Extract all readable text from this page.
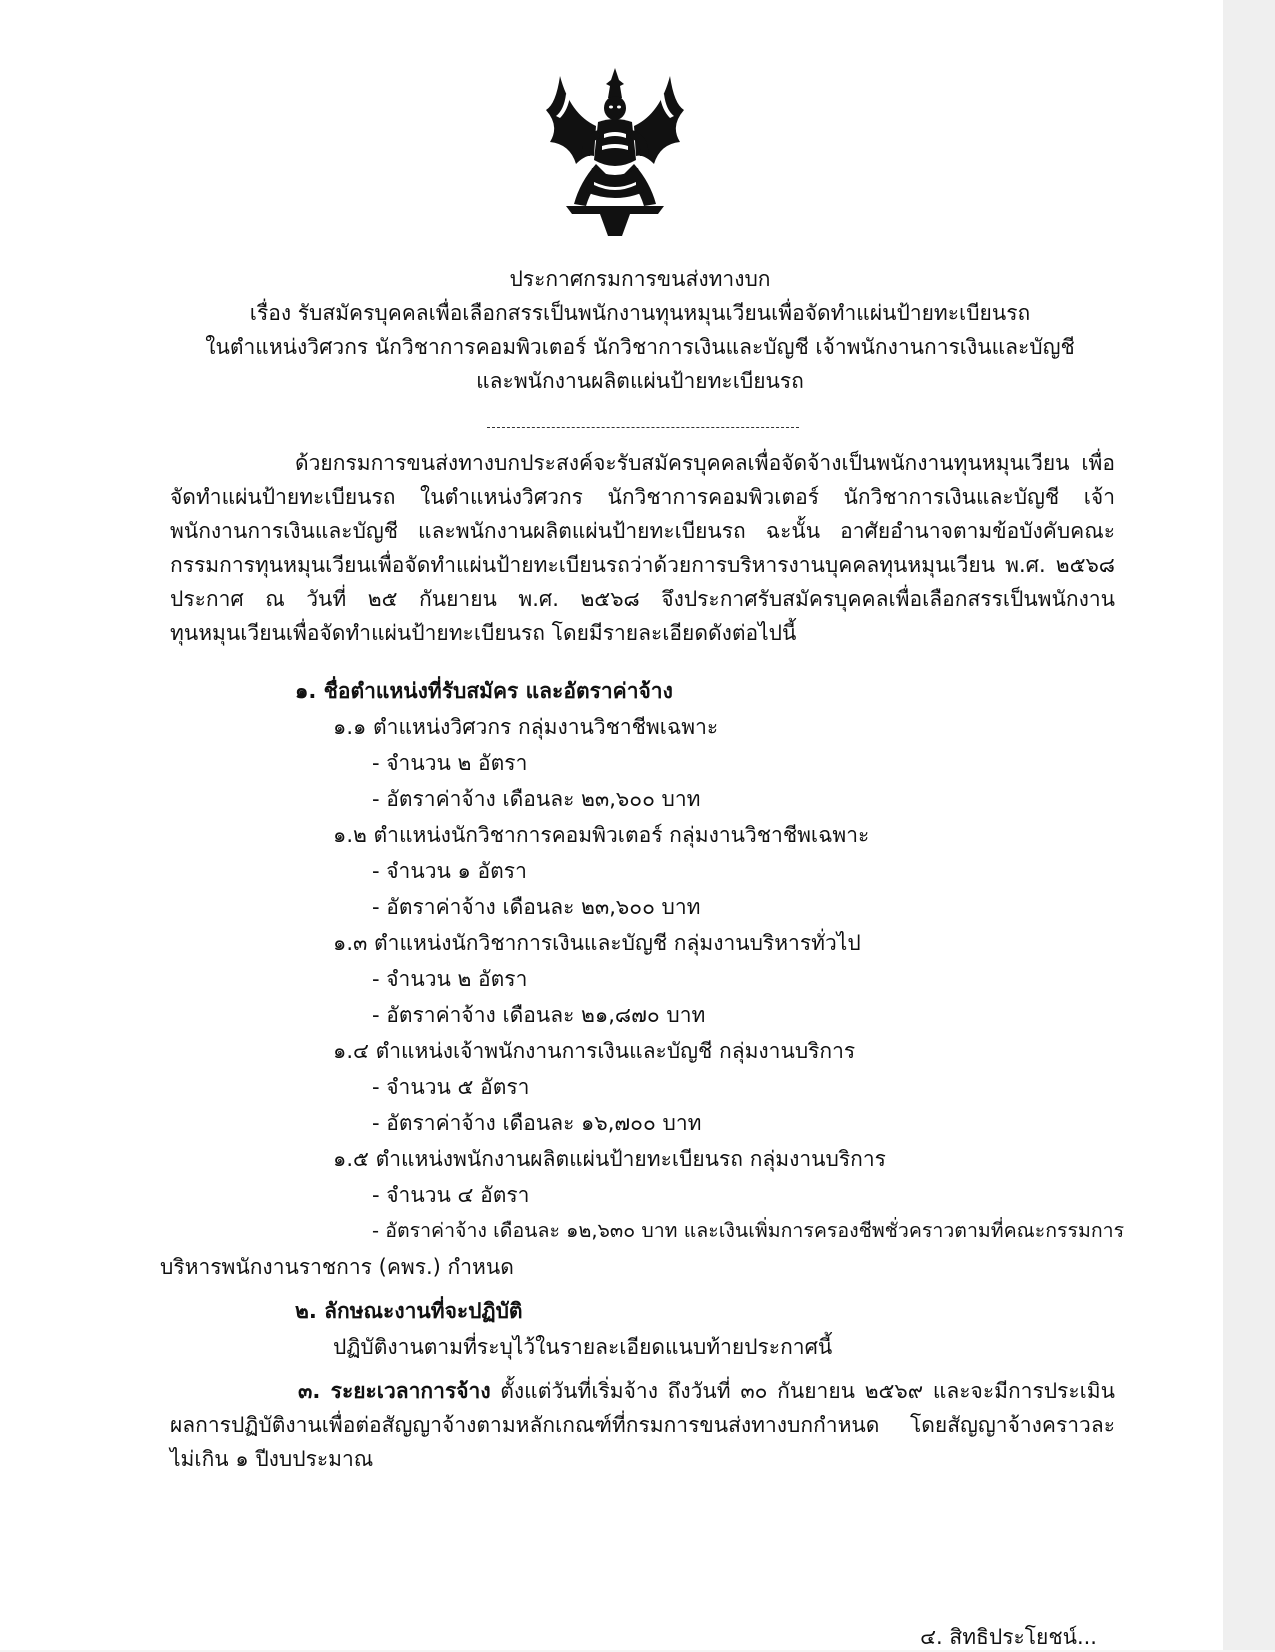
ประกาศกรมการขนส่งทางบก
เรื่อง รับสมัครบุคคลเพื่อเลือกสรรเป็นพนักงานทุนหมุนเวียนเพื่อจัดทำแผ่นป้ายทะเบียนรถ
ในตำแหน่งวิศวกร นักวิชาการคอมพิวเตอร์ นักวิชาการเงินและบัญชี เจ้าพนักงานการเงินและบัญชี
และพนักงานผลิตแผ่นป้ายทะเบียนรถ
ด้วยกรมการขนส่งทางบกประสงค์จะรับสมัครบุคคลเพื่อจัดจ้างเป็นพนักงานทุนหมุนเวียน เพื่อจัดทำแผ่นป้ายทะเบียนรถ ในตำแหน่งวิศวกร นักวิชาการคอมพิวเตอร์ นักวิชาการเงินและบัญชี เจ้าพนักงานการเงินและบัญชี และพนักงานผลิตแผ่นป้ายทะเบียนรถ ฉะนั้น อาศัยอำนาจตามข้อบังคับคณะกรรมการทุนหมุนเวียนเพื่อจัดทำแผ่นป้ายทะเบียนรถว่าด้วยการบริหารงานบุคคลทุนหมุนเวียน พ.ศ. ๒๕๖๘ ประกาศ ณ วันที่ ๒๕ กันยายน พ.ศ. ๒๕๖๘ จึงประกาศรับสมัครบุคคลเพื่อเลือกสรรเป็นพนักงานทุนหมุนเวียนเพื่อจัดทำแผ่นป้ายทะเบียนรถ โดยมีรายละเอียดดังต่อไปนี้
๑. ชื่อตำแหน่งที่รับสมัคร และอัตราค่าจ้าง
๑.๑ ตำแหน่งวิศวกร กลุ่มงานวิชาชีพเฉพาะ
- จำนวน ๒ อัตรา
- อัตราค่าจ้าง เดือนละ ๒๓,๖๐๐ บาท
๑.๒ ตำแหน่งนักวิชาการคอมพิวเตอร์ กลุ่มงานวิชาชีพเฉพาะ
- จำนวน ๑ อัตรา
- อัตราค่าจ้าง เดือนละ ๒๓,๖๐๐ บาท
๑.๓ ตำแหน่งนักวิชาการเงินและบัญชี กลุ่มงานบริหารทั่วไป
- จำนวน ๒ อัตรา
- อัตราค่าจ้าง เดือนละ ๒๑,๘๗๐ บาท
๑.๔ ตำแหน่งเจ้าพนักงานการเงินและบัญชี กลุ่มงานบริการ
- จำนวน ๕ อัตรา
- อัตราค่าจ้าง เดือนละ ๑๖,๗๐๐ บาท
๑.๕ ตำแหน่งพนักงานผลิตแผ่นป้ายทะเบียนรถ กลุ่มงานบริการ
- จำนวน ๔ อัตรา
- อัตราค่าจ้าง เดือนละ ๑๒,๖๓๐ บาท และเงินเพิ่มการครองชีพชั่วคราวตามที่คณะกรรมการ
บริหารพนักงานราชการ (คพร.) กำหนด
๒. ลักษณะงานที่จะปฏิบัติ
ปฏิบัติงานตามที่ระบุไว้ในรายละเอียดแนบท้ายประกาศนี้
๓. ระยะเวลาการจ้าง ตั้งแต่วันที่เริ่มจ้าง ถึงวันที่ ๓๐ กันยายน ๒๕๖๙ และจะมีการประเมินผลการปฏิบัติงานเพื่อต่อสัญญาจ้างตามหลักเกณฑ์ที่กรมการขนส่งทางบกกำหนด โดยสัญญาจ้างคราวละไม่เกิน ๑ ปีงบประมาณ
๔. สิทธิประโยชน์...
